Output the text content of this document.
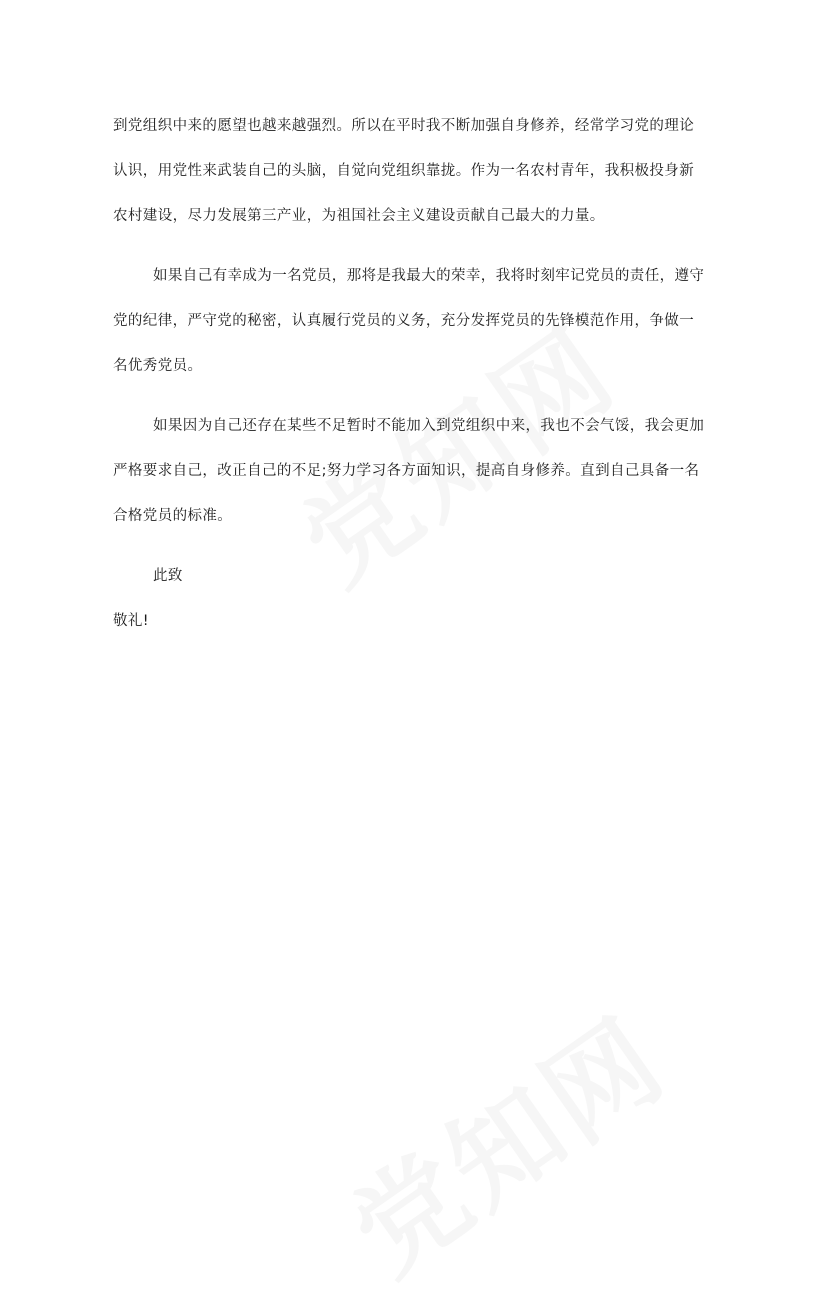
到党组织中来的愿望也越来越强烈。所以在平时我不断加强自身修养，经常学习党的理论
认识，用党性来武装自己的头脑，自觉向党组织靠拢。作为一名农村青年，我积极投身新
农村建设，尽力发展第三产业，为祖国社会主义建设贡献自己最大的力量。

如果自己有幸成为一名党员，那将是我最大的荣幸，我将时刻牢记党员的责任，遵守
党的纪律，严守党的秘密，认真履行党员的义务，充分发挥党员的先锋模范作用，争做一
名优秀党员。

如果因为自己还存在某些不足暂时不能加入到党组织中来，我也不会气馁，我会更加
严格要求自己，改正自己的不足;努力学习各方面知识，提高自身修养。直到自己具备一名
合格党员的标准。

此致

敬礼!
